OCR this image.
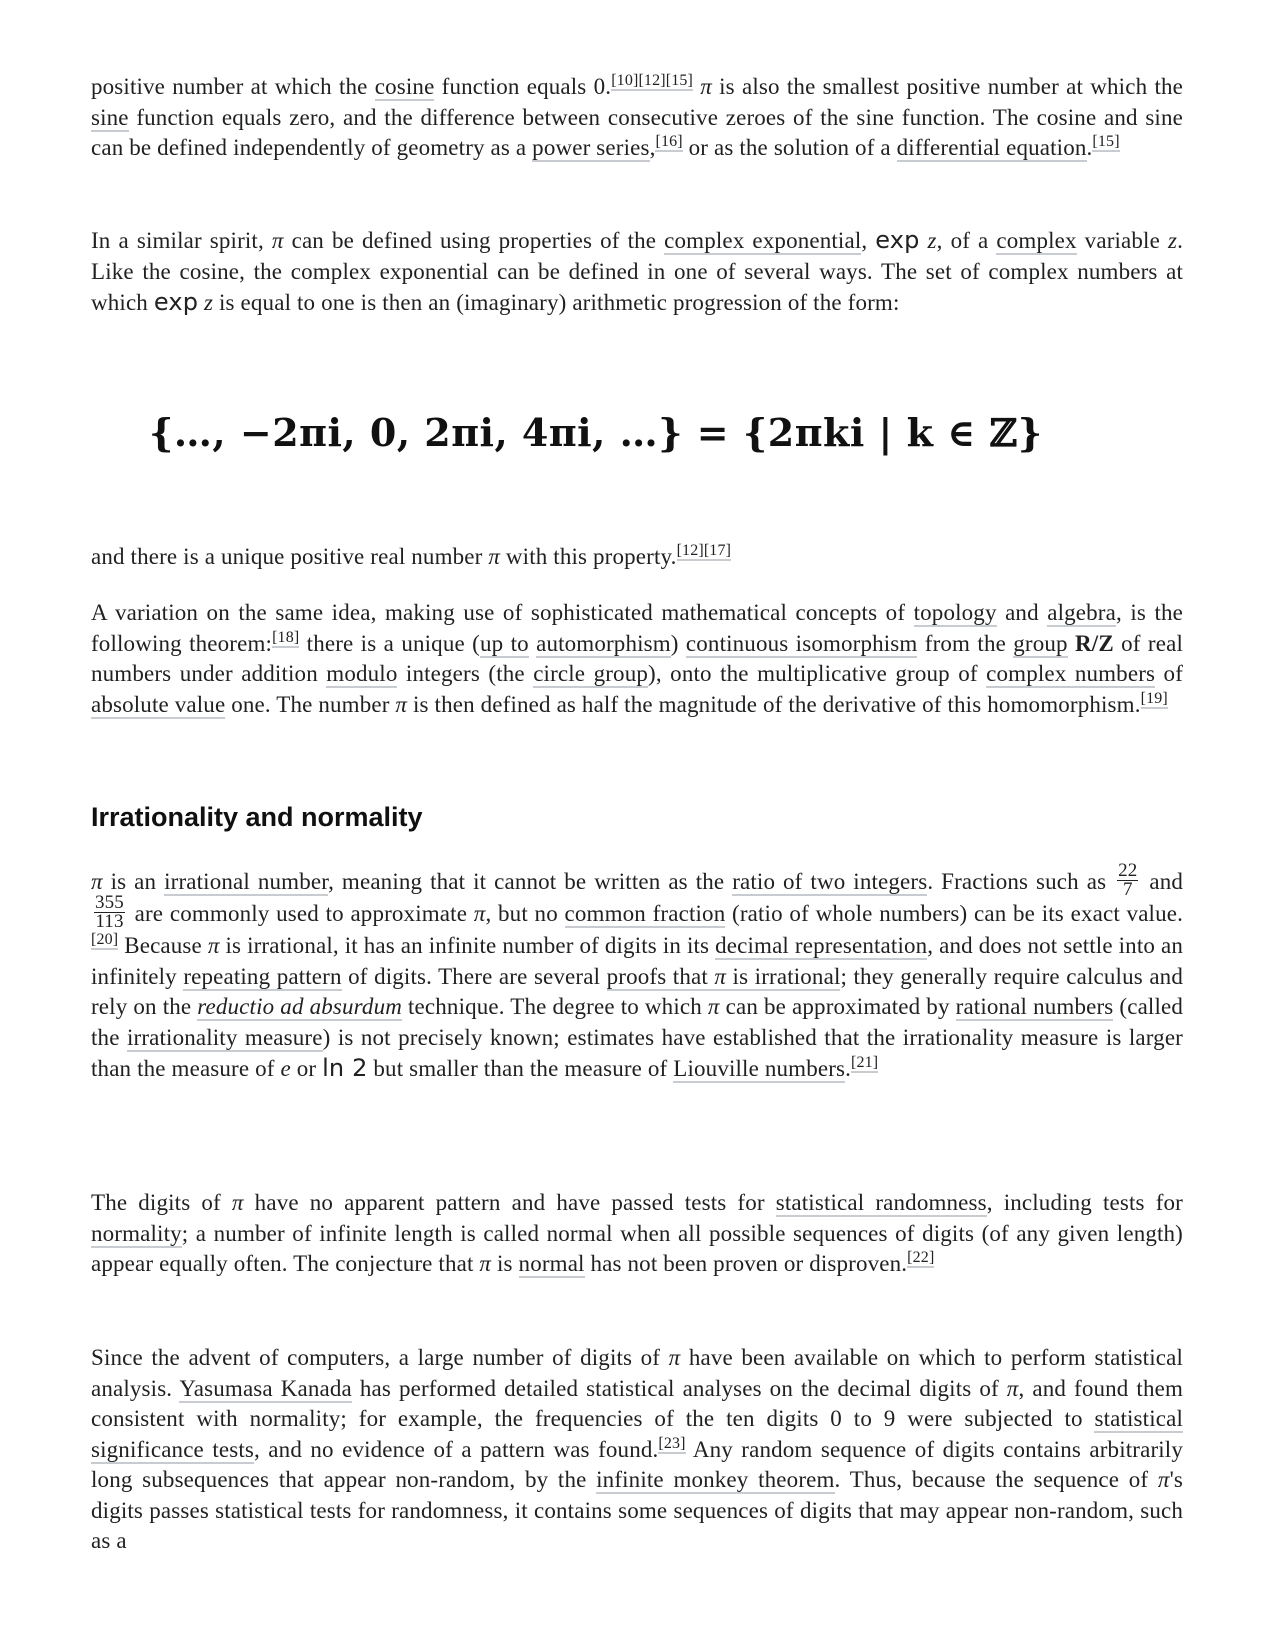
positive number at which the cosine function equals 0.[10][12][15] π is also the smallest positive number at which the sine function equals zero, and the difference between consecutive zeroes of the sine function. The cosine and sine can be defined independently of geometry as a power series,[16] or as the solution of a differential equation.[15]

In a similar spirit, π can be defined using properties of the complex exponential, exp z, of a complex variable z. Like the cosine, the complex exponential can be defined in one of several ways. The set of complex numbers at which exp z is equal to one is then an (imaginary) arithmetic progression of the form:

{…, −2πi, 0, 2πi, 4πi, …} = {2πki | k ∈ ℤ}

and there is a unique positive real number π with this property.[12][17]

A variation on the same idea, making use of sophisticated mathematical concepts of topology and algebra, is the following theorem:[18] there is a unique (up to automorphism) continuous isomorphism from the group R/Z of real numbers under addition modulo integers (the circle group), onto the multiplicative group of complex numbers of absolute value one. The number π is then defined as half the magnitude of the derivative of this homomorphism.[19]

Irrationality and normality

π is an irrational number, meaning that it cannot be written as the ratio of two integers. Fractions such as $\frac{22}{7}$ and
$\frac{355}{113}$ are commonly used to approximate π, but no common fraction (ratio of whole numbers) can be its exact value.[20] Because π is irrational, it has an infinite number of digits in its decimal representation, and does not settle into an infinitely repeating pattern of digits. There are several proofs that π is irrational; they generally require calculus and rely on the reductio ad absurdum technique. The degree to which π can be approximated by rational numbers (called the irrationality measure) is not precisely known; estimates have established that the irrationality measure is larger than the measure of e or ln 2 but smaller than the measure of Liouville numbers.[21]

The digits of π have no apparent pattern and have passed tests for statistical randomness, including tests for normality; a number of infinite length is called normal when all possible sequences of digits (of any given length) appear equally often. The conjecture that π is normal has not been proven or disproven.[22]

Since the advent of computers, a large number of digits of π have been available on which to perform statistical analysis. Yasumasa Kanada has performed detailed statistical analyses on the decimal digits of π, and found them consistent with normality; for example, the frequencies of the ten digits 0 to 9 were subjected to statistical significance tests, and no evidence of a pattern was found.[23] Any random sequence of digits contains arbitrarily long subsequences that appear non-random, by the infinite monkey theorem. Thus, because the sequence of π's digits passes statistical tests for randomness, it contains some sequences of digits that may appear non-random, such as a
